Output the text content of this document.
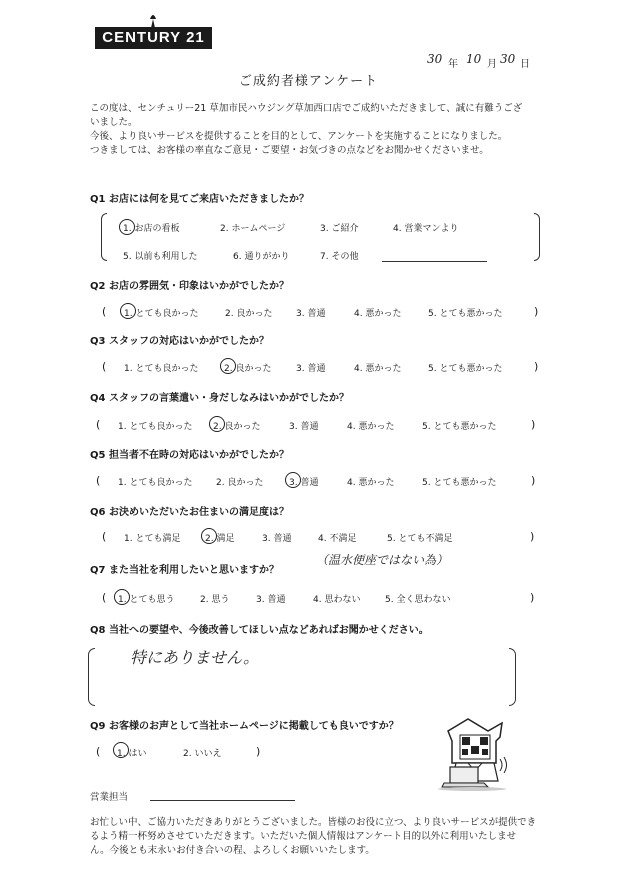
CENTURY 21
30 年 10 月 30 日
ご成約者様アンケート
この度は、センチュリー21 草加市民ハウジング草加西口店でご成約いただきまして、誠に有難うござ
いました。
今後、より良いサービスを提供することを目的として、アンケートを実施することになりました。
つきましては、お客様の率直なご意見・ご要望・お気づきの点などをお聞かせくださいませ。
Q1 お店には何を見てご来店いただきましたか？
1. お店の看板	2. ホームページ	3. ご紹介	4. 営業マンより
5. 以前も利用した	6. 通りがかり	7. その他
Q2 お店の雰囲気・印象はいかがでしたか？
(	)
1. とても良かった	2. 良かった	3. 普通	4. 悪かった	5. とても悪かった
Q3 スタッフの対応はいかがでしたか？
(	)
1. とても良かった	2. 良かった	3. 普通	4. 悪かった	5. とても悪かった
Q4 スタッフの言葉遣い・身だしなみはいかがでしたか？
(	)
1. とても良かった 2. 良かった	3. 普通	4. 悪かった	5. とても悪かった
Q5 担当者不在時の対応はいかがでしたか？
(	)
1. とても良かった	2. 良かった	3. 普通	4. 悪かった	5. とても悪かった
Q6 お決めいただいたお住まいの満足度は？
(	)
1. とても満足	2. 満足	3. 普通	4. 不満足	5. とても不満足
Q7 また当社を利用したいと思いますか？
（温水便座ではない為）
(	)
1. とても思う	2. 思う	3. 普通	4. 思わない	5. 全く思わない
Q8 当社への要望や、今後改善してほしい点などあればお聞かせください。
特にありません。
Q9 お客様のお声として当社ホームページに掲載しても良いですか？
(	)
1. はい	2. いいえ
営業担当
お忙しい中、ご協力いただきありがとうございました。皆様のお役に立つ、より良いサービスが提供でき
るよう精一杯努めさせていただきます。いただいた個人情報はアンケート目的以外に利用いたしませ
ん。今後とも末永いお付き合いの程、よろしくお願いいたします。
